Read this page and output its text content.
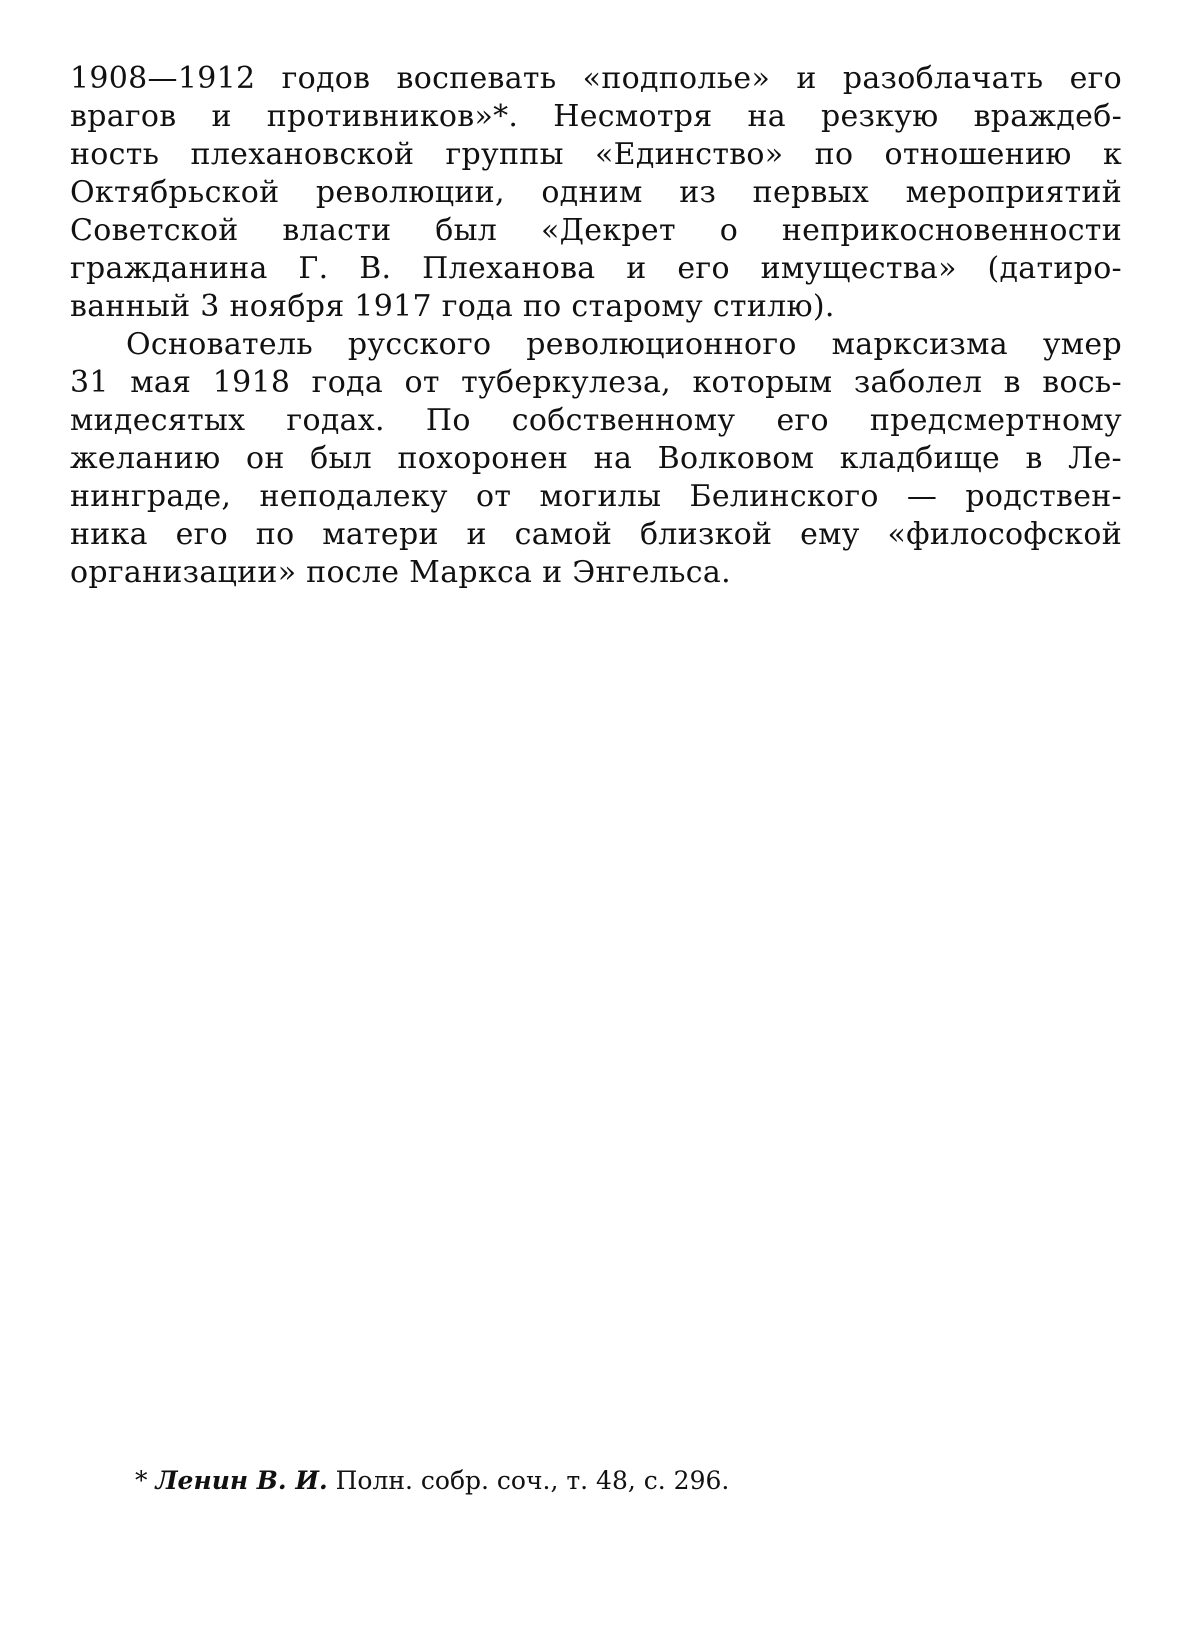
1908—1912 годов воспевать «подполье» и разоблачать его
врагов и противников»*. Несмотря на резкую враждеб-
ность плехановской группы «Единство» по отношению к
Октябрьской революции, одним из первых мероприятий
Советской власти был «Декрет о неприкосновенности
гражданина Г. В. Плеханова и его имущества» (датиро-
ванный 3 ноября 1917 года по старому стилю).
Основатель русского революционного марксизма умер
31 мая 1918 года от туберкулеза, которым заболел в вось-
мидесятых годах. По собственному его предсмертному
желанию он был похоронен на Волковом кладбище в Ле-
нинграде, неподалеку от могилы Белинского — родствен-
ника его по матери и самой близкой ему «философской
организации» после Маркса и Энгельса.
* Ленин В. И. Полн. собр. соч., т. 48, с. 296.
